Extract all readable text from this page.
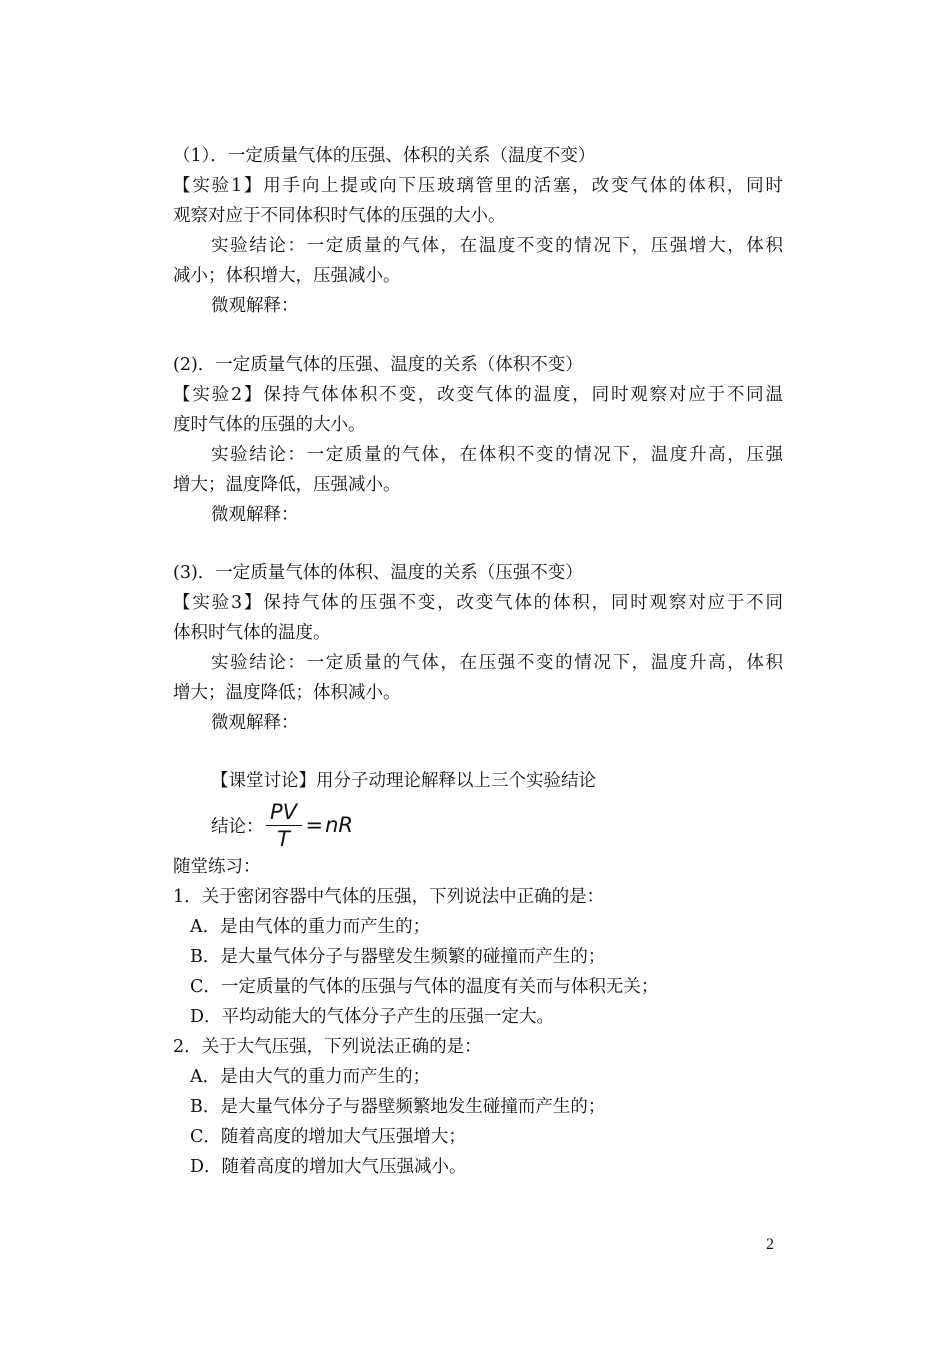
（1）．一定质量气体的压强、体积的关系（温度不变）
【实验1】用手向上提或向下压玻璃管里的活塞，改变气体的体积，同时
观察对应于不同体积时气体的压强的大小。
实验结论：一定质量的气体，在温度不变的情况下，压强增大，体积
减小；体积增大，压强减小。
微观解释：
(2)．一定质量气体的压强、温度的关系（体积不变）
【实验2】保持气体体积不变，改变气体的温度，同时观察对应于不同温
度时气体的压强的大小。
实验结论：一定质量的气体，在体积不变的情况下，温度升高，压强
增大；温度降低，压强减小。
微观解释：
(3)．一定质量气体的体积、温度的关系（压强不变）
【实验3】保持气体的压强不变，改变气体的体积，同时观察对应于不同
体积时气体的温度。
实验结论：一定质量的气体，在压强不变的情况下，温度升高，体积
增大；温度降低；体积减小。
微观解释：
【课堂讨论】用分子动理论解释以上三个实验结论
结论： $\frac{PV}{T} =nR$
随堂练习：
1．关于密闭容器中气体的压强，下列说法中正确的是：
A．是由气体的重力而产生的；
B．是大量气体分子与器壁发生频繁的碰撞而产生的；
C．一定质量的气体的压强与气体的温度有关而与体积无关；
D．平均动能大的气体分子产生的压强一定大。
2．关于大气压强，下列说法正确的是：
A．是由大气的重力而产生的；
B．是大量气体分子与器壁频繁地发生碰撞而产生的；
C．随着高度的增加大气压强增大；
D．随着高度的增加大气压强减小。
2
